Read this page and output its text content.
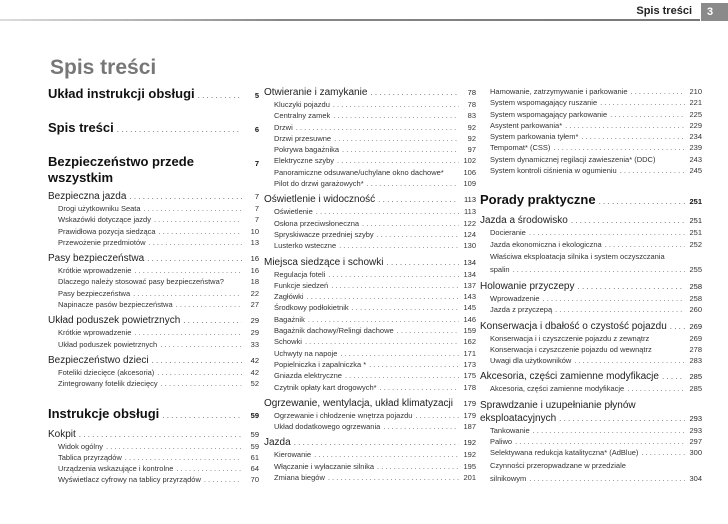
Spis treści	3
Spis treści
Układ instrukcji obsługi . . .	5
Spis treści . . .	6
Bezpieczeństwo przede wszystkim
7
Bezpieczna jazda . . .	7
Drogi użytkowniku Seata . . .	7
Wskazówki dotyczące jazdy . . .	7
Prawidłowa pozycja siedząca . . .	10
Przewożenie przedmiotów . . .	13
Pasy bezpieczeństwa . . .	16
Krótkie wprowadzenie . . .	16
Dlaczego należy stosować pasy bezpieczeństwa?	18
Pasy bezpieczeństwa . . .	22
Napinacze pasów bezpieczeństwa . . .	27
Układ poduszek powietrznych . . .	29
Krótkie wprowadzenie . . .	29
Układ poduszek powietrznych . . .	33
Bezpieczeństwo dzieci . . .	42
Foteliki dziecięce (akcesoria) . . .	42
Zintegrowany fotelik dziecięcy . . .	52
Instrukcje obsługi . . .	59
Kokpit . . .	59
Widok ogólny . . .	59
Tablica przyrządów . . .	61
Urządzenia wskazujące i kontrolne . . .	64
Wyświetlacz cyfrowy na tablicy przyrządów . . .	70
Otwieranie i zamykanie . . .	78
Kluczyki pojazdu . . .	78
Centralny zamek . . .	83
Drzwi . . .	92
Drzwi przesuwne . . .	92
Pokrywa bagażnika . . .	97
Elektryczne szyby . . .	102
Panoramiczne odsuwane/uchylane okno dachowe*	106
Pilot do drzwi garażowych* . . .	109
Oświetlenie i widoczność . . .	113
Oświetlenie . . .	113
Osłona przeciwsłoneczna . . .	122
Spryskiwacze przedniej szyby . . .	124
Lusterko wsteczne . . .	130
Miejsca siedzące i schowki . . .	134
Regulacja foteli . . .	134
Funkcje siedzeń . . .	137
Zagłówki . . .	143
Środkowy podłokietnik . . .	145
Bagażnik . . .	146
Bagażnik dachowy/Relingi dachowe . . .	159
Schowki . . .	162
Uchwyty na napoje . . .	171
Popielniczka i zapalniczka * . . .	173
Gniazda elektryczne . . .	175
Czytnik opłaty kart drogowych* . . .	178
Ogrzewanie, wentylacja, układ klimatyzacji 179
Ogrzewanie i chłodzenie wnętrza pojazdu . . .	179
Układ dodatkowego ogrzewania . . .	187
Jazda . . .	192
Kierowanie . . .	192
Włączanie i wyłaczanie silnika . . .	195
Zmiana biegów . . .	201
Hamowanie, zatrzymywanie i parkowanie . . .	210
System wspomagający ruszanie . . .	221
System wspomagający parkowanie . . .	225
Asystent parkowania* . . .	229
System parkowania tyłem* . . .	234
Tempomat* (CSS) . . .	239
System dynamicznej regilacji zawieszenia* (DDC)	243
System kontroli ciśnienia w ogumieniu . . .	245
Porady praktyczne . . .	251
Jazda a środowisko . . .	251
Docieranie . . .	251
Jazda ekonomiczna i ekologiczna . . .	252
Właściwa eksploatacja silnika i system oczyszczania
spalin . . .	255
Holowanie przyczepy . . .	258
Wprowadzenie . . .	258
Jazda z przyczepą . . .	260
Konserwacja i dbałość o czystość pojazdu . . .	269
Konserwacja i i czyszczenie pojazdu z zewnątrz	269
Konserwacja i czyszczenie pojazdu od wewnątrz	278
Uwagi dla użytkowników . . .	283
Akcesoria, części zamienne modyfikacje . . .	285
Akcesoria, części zamienne modyfikacje . . .	285
Sprawdzanie i uzupełnianie płynów
eksploatacyjnych . . .	293
Tankowanie . . .	293
Paliwo . . .	297
Selektywana redukcja katalityczna* (AdBlue) . . .	300
Czynności przeropwadzane w przedziale
silnikowym . . .	304
